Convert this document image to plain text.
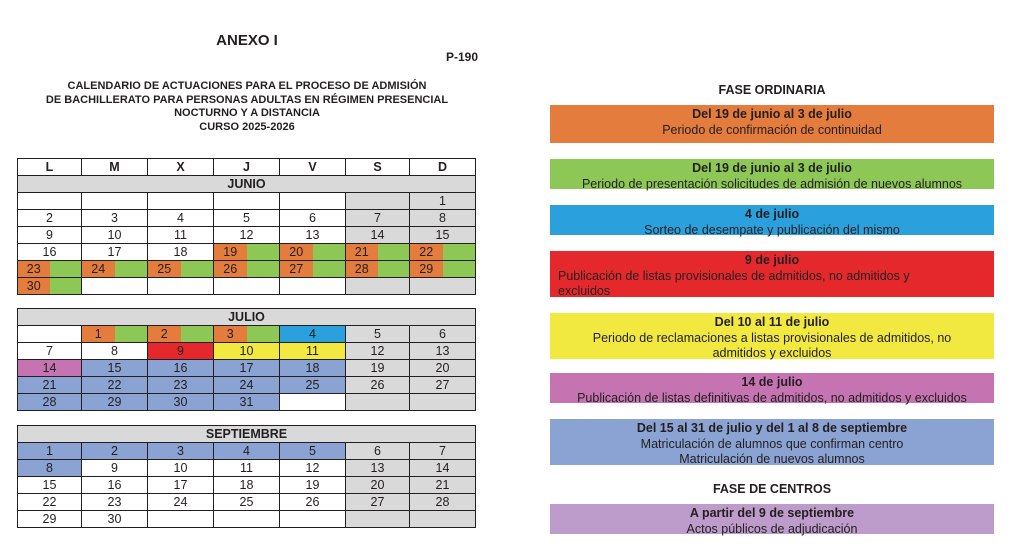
ANEXO I
P-190
CALENDARIO DE ACTUACIONES PARA EL PROCESO DE ADMISIÓN
DE BACHILLERATO PARA PERSONAS ADULTAS EN RÉGIMEN PRESENCIAL
NOCTURNO Y A DISTANCIA
CURSO 2025-2026
L	M	X	J	V	S	D
JUNIO						
						1
2	3	4	5	6	7	8
9	10	11	12	13	14	15
16	17	18	19	20	21	22

23	24	25	26	27	28	29

30						

JULIO						

	1	2	3	4	5	6
7	8	9	10	11	12	13
14	15	16	17	18	19	20
21	22	23	24	25	26	27
28	29	30	31			
SEPTIEMBRE						
1	2	3	4	5	6	7
8	9	10	11	12	13	14
15	16	17	18	19	20	21
22	23	24	25	26	27	28
29	30					
FASE ORDINARIA
FASE DE CENTROS
Del 19 de junio al 3 de julio
Periodo de confirmación de continuidad
Del 19 de junio al 3 de julio
Periodo de presentación solicitudes de admisión de nuevos alumnos
4 de julio
Sorteo de desempate y publicación del mismo
9 de julio
Publicación de listas provisionales de admitidos, no admitidos y
excluidos
Del 10 al 11 de julio
Periodo de reclamaciones a listas provisionales de admitidos, no
admitidos y excluidos
14 de julio
Publicación de listas definitivas de admitidos, no admitidos y excluidos
Del 15 al 31 de julio y del 1 al 8 de septiembre
Matriculación de alumnos que confirman centro
Matriculación de nuevos alumnos
A partir del 9 de septiembre
Actos públicos de adjudicación
